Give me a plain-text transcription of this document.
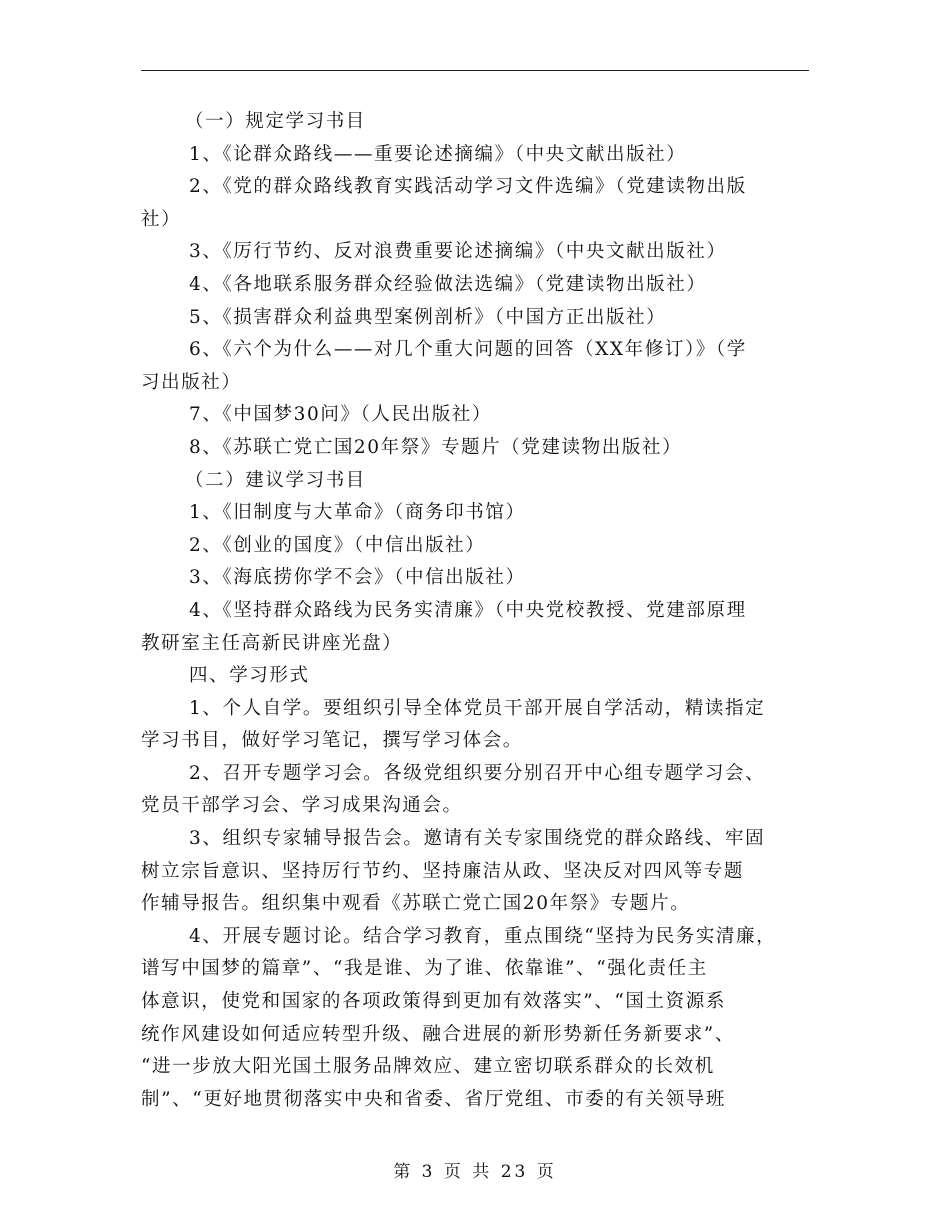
（一）规定学习书目
1、《论群众路线——重要论述摘编》（中央文献出版社）
2、《党的群众路线教育实践活动学习文件选编》（党建读物出版
社）
3、《厉行节约、反对浪费重要论述摘编》（中央文献出版社）
4、《各地联系服务群众经验做法选编》（党建读物出版社）
5、《损害群众利益典型案例剖析》（中国方正出版社）
6、《六个为什么——对几个重大问题的回答（XX年修订）》（学
习出版社）
7、《中国梦30问》（人民出版社）
8、《苏联亡党亡国20年祭》专题片（党建读物出版社）
（二）建议学习书目
1、《旧制度与大革命》（商务印书馆）
2、《创业的国度》（中信出版社）
3、《海底捞你学不会》（中信出版社）
4、《坚持群众路线为民务实清廉》（中央党校教授、党建部原理
教研室主任高新民讲座光盘）
四、学习形式
1、个人自学。要组织引导全体党员干部开展自学活动，精读指定
学习书目，做好学习笔记，撰写学习体会。
2、召开专题学习会。各级党组织要分别召开中心组专题学习会、
党员干部学习会、学习成果沟通会。
3、组织专家辅导报告会。邀请有关专家围绕党的群众路线、牢固
树立宗旨意识、坚持厉行节约、坚持廉洁从政、坚决反对四风等专题
作辅导报告。组织集中观看《苏联亡党亡国20年祭》专题片。
4、开展专题讨论。结合学习教育，重点围绕“坚持为民务实清廉，
谱写中国梦的篇章”、“我是谁、为了谁、依靠谁”、“强化责任主
体意识，使党和国家的各项政策得到更加有效落实”、“国土资源系
统作风建设如何适应转型升级、融合进展的新形势新任务新要求”、
“进一步放大阳光国土服务品牌效应、建立密切联系群众的长效机
制”、“更好地贯彻落实中央和省委、省厅党组、市委的有关领导班
第 3 页 共 23 页
